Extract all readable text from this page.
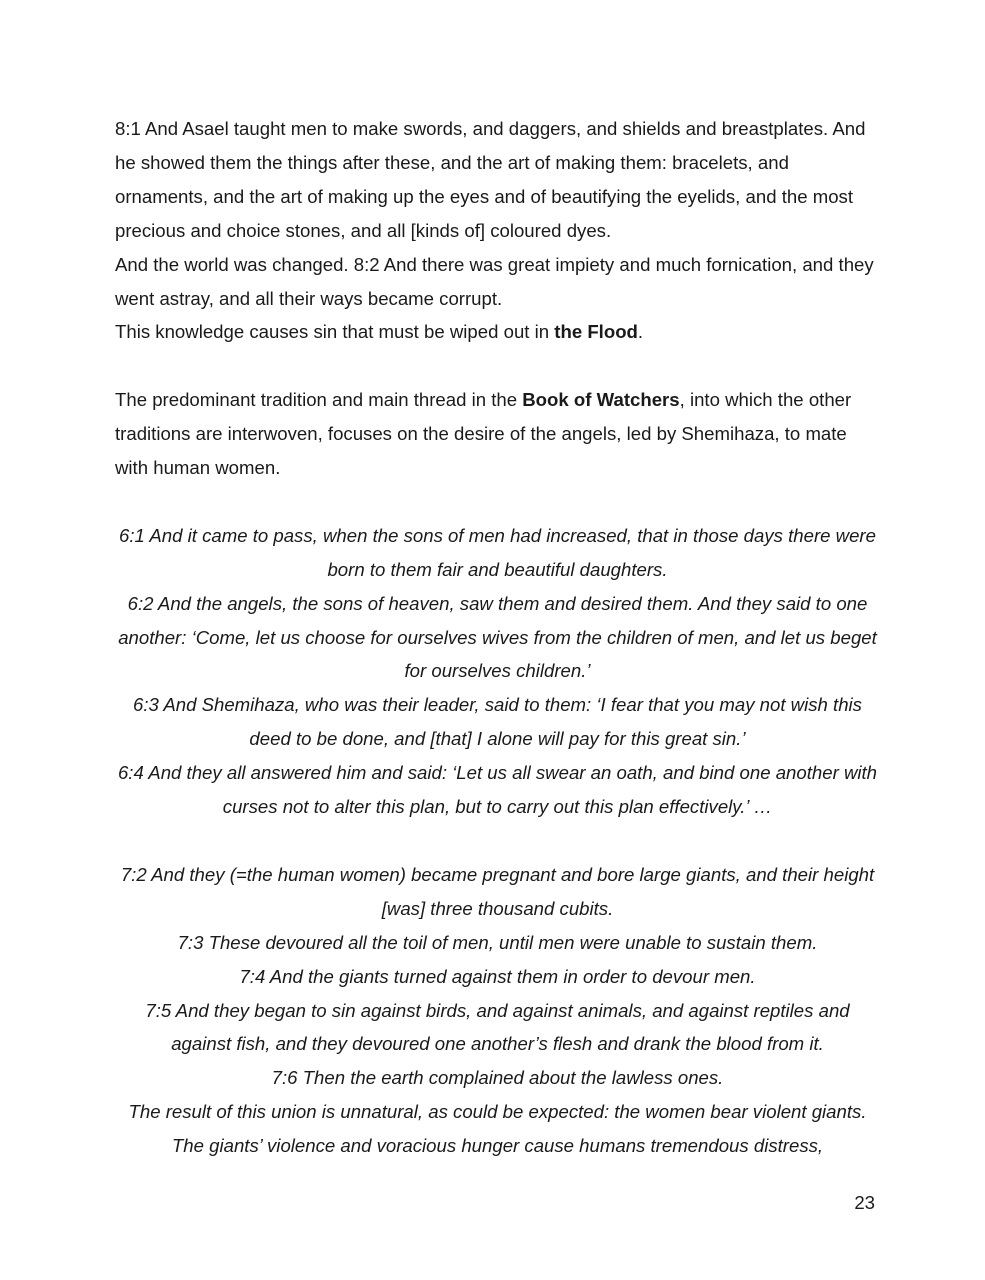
8:1 And Asael taught men to make swords, and daggers, and shields and breastplates. And he showed them the things after these, and the art of making them: bracelets, and ornaments, and the art of making up the eyes and of beautifying the eyelids, and the most precious and choice stones, and all [kinds of] coloured dyes.

And the world was changed. 8:2 And there was great impiety and much fornication, and they went astray, and all their ways became corrupt.

This knowledge causes sin that must be wiped out in the Flood.

The predominant tradition and main thread in the Book of Watchers, into which the other traditions are interwoven, focuses on the desire of the angels, led by Shemihaza, to mate with human women.

6:1 And it came to pass, when the sons of men had increased, that in those days there were born to them fair and beautiful daughters.

6:2 And the angels, the sons of heaven, saw them and desired them. And they said to one another: ‘Come, let us choose for ourselves wives from the children of men, and let us beget for ourselves children.’

6:3 And Shemihaza, who was their leader, said to them: ‘I fear that you may not wish this deed to be done, and [that] I alone will pay for this great sin.’

6:4 And they all answered him and said: ‘Let us all swear an oath, and bind one another with curses not to alter this plan, but to carry out this plan effectively.’ …

7:2 And they (=the human women) became pregnant and bore large giants, and their height [was] three thousand cubits.

7:3 These devoured all the toil of men, until men were unable to sustain them.

7:4 And the giants turned against them in order to devour men.

7:5 And they began to sin against birds, and against animals, and against reptiles and against fish, and they devoured one another’s flesh and drank the blood from it.

7:6 Then the earth complained about the lawless ones.

The result of this union is unnatural, as could be expected: the women bear violent giants. The giants’ violence and voracious hunger cause humans tremendous distress,

23
